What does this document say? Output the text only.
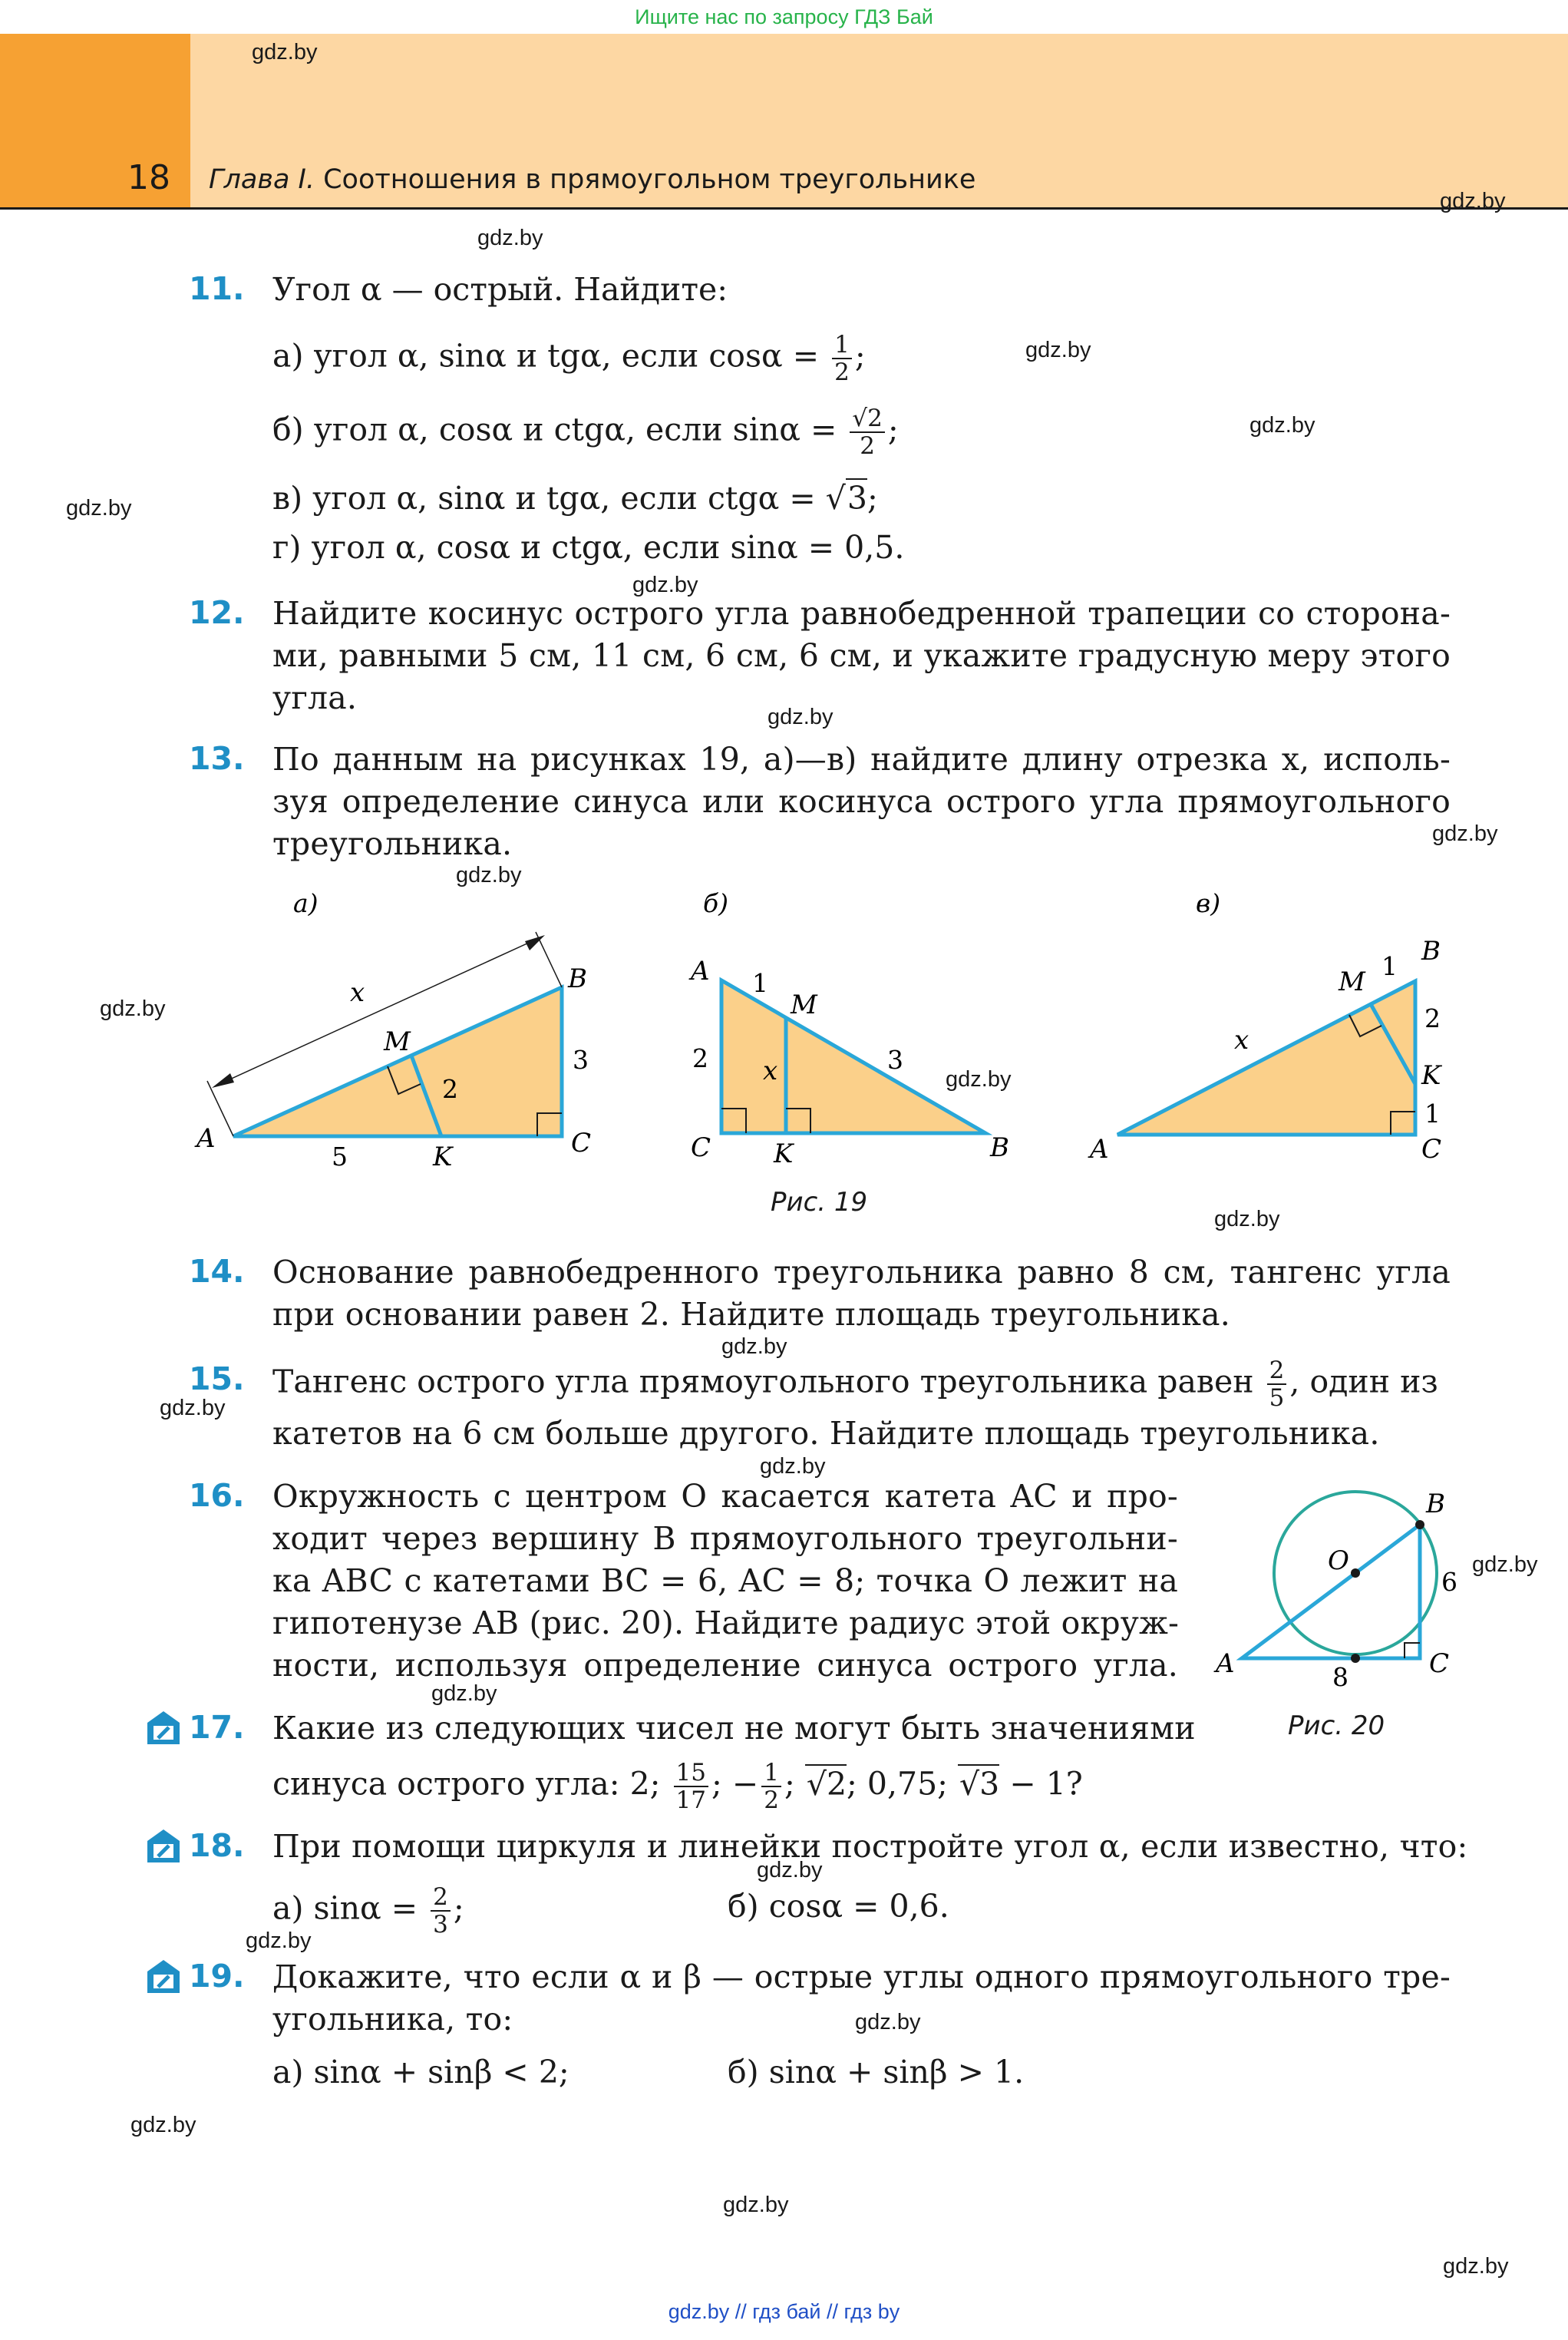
Ищите нас по запросу ГДЗ Бай
18 Глава I. Соотношения в прямоугольном треугольнике
gdz.by
gdz.by
gdz.by
gdz.by
gdz.by
gdz.by
gdz.by
gdz.by
gdz.by
gdz.by
gdz.by
gdz.by
gdz.by
gdz.by
gdz.by
gdz.by
gdz.by
gdz.by
gdz.by
gdz.by
gdz.by
gdz.by
gdz.by
gdz.by
11. Угол α — острый. Найдите:
а) угол α, sinα и tgα, если $\cos\alpha = \frac{1}{2}$ ;
б) угол α, cosα и ctgα, если $\sin\alpha = \frac{√2}{2}$ ;
в) угол α, sinα и tgα, если ctgα = √3;
г) угол α, cosα и ctgα, если sinα = 0,5.
12. Найдите косинус острого угла равнобедренной трапеции со сторона-
ми, равными 5 см, 11 см, 6 см, 6 см, и укажите градусную меру этого
угла.
13. По данным на рисунках 19, а)—в) найдите длину отрезка x, исполь-
зуя определение синуса или косинуса острого угла прямоугольного
треугольника.
а)
A
B
C
M
K
x
2
3
5
б)
A
M
C K	B
x
1
2	3
в)
M
B
K
A	C
x
1
2
1
Рис. 19
14. Основание равнобедренного треугольника равно 8 см, тангенс угла
при основании равен 2. Найдите площадь треугольника.
15. Тангенс острого угла прямоугольного треугольника равен $\frac{2}{5}$ , один из
катетов на 6 см больше другого. Найдите площадь треугольника.
16. Окружность с центром O касается катета AC и про-
ходит через вершину B прямоугольного треугольни-
ка ABC с катетами BC = 6, AC = 8; точка O лежит на
гипотенузе AB (рис. 20). Найдите радиус этой окруж-
ности, используя определение синуса острого угла.
B
O
A	C
6
8
Рис. 20
17. Какие из следующих чисел не могут быть значениями
синуса острого угла: 2; $\frac{15}{17}$ ; − $\frac{1}{2}$ ; √2; 0,75; √3 − 1?
18. При помощи циркуля и линейки постройте угол α, если известно, что:
а) $\sin\alpha = \frac{2}{3}$ ;	б) cosα = 0,6.
19. Докажите, что если α и β — острые углы одного прямоугольного тре-
угольника, то:
а) sinα + sinβ < 2;	б) sinα + sinβ > 1.
gdz.by // гдз бай // гдз by
